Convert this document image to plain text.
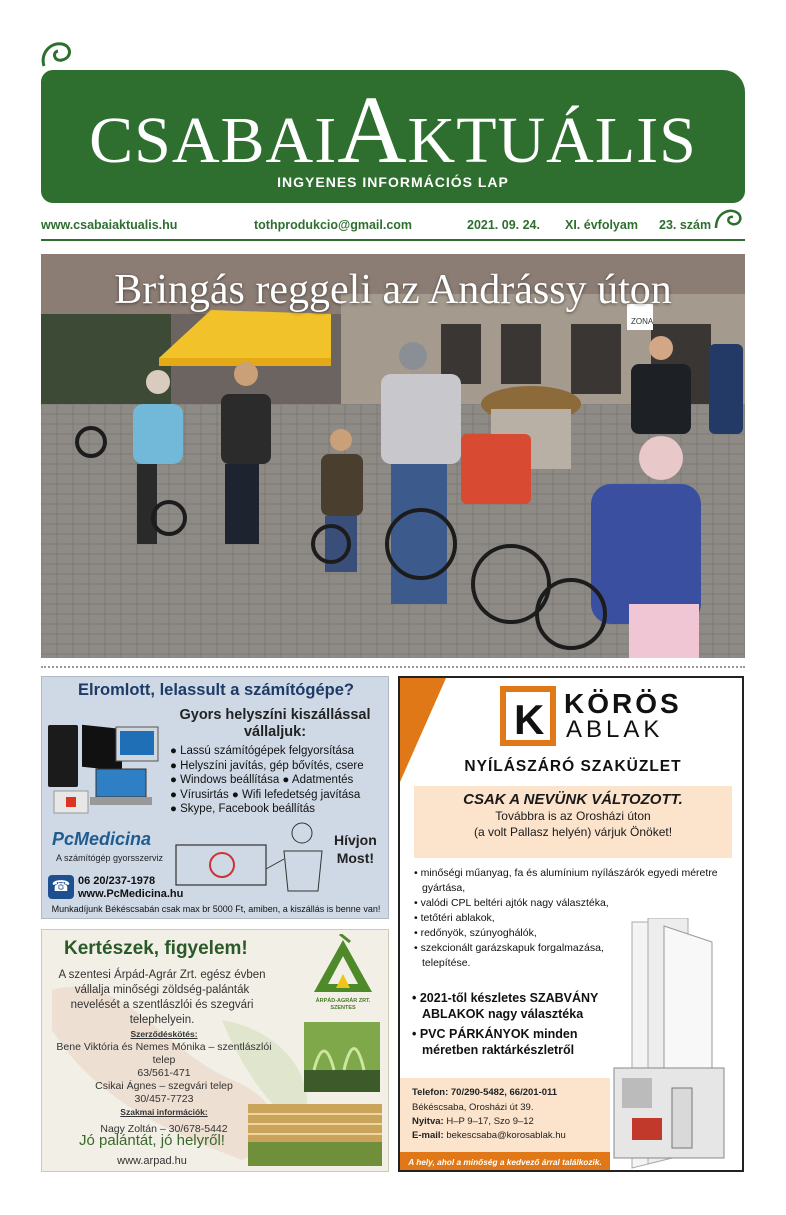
CSABAIAKTUÁLIS
INGYENES INFORMÁCIÓS LAP
www.csabaiaktualis.hu	tothprodukcio@gmail.com	2021. 09. 24. XI. évfolyam 23. szám
ZONA
Bringás reggeli az Andrássy úton
Elromlott, lelassult a számítógépe?
Gyors helyszíni kiszállással vállaljuk:
● Lassú számítógépek felgyorsítása
● Helyszíni javítás, gép bővítés, csere
● Windows beállítása ● Adatmentés
● Vírusirtás ● Wifi lefedetség javítása
● Skype, Facebook beállítás
PcMedicina
A számítógép gyorsszerviz
Hívjon
Most!
☎ 06 20/237-1978
www.PcMedicina.hu
Munkadíjunk Békéscsabán csak max br 5000 Ft, amiben, a kiszállás is benne van!
ÁRPÁD-AGRÁR ZRT. SZENTES
Kertészek, figyelem!
A szentesi Árpád-Agrár Zrt. egész évben vállalja minőségi zöldség-palánták nevelését a szentlászlói és szegvári telephelyein.
Szerződéskötés:
Bene Viktória és Nemes Mónika – szentlászlói telep
63/561-471
Csikai Ágnes – szegvári telep
30/457-7723
Szakmai információk:
Nagy Zoltán – 30/678-5442
Jó palántát, jó helyről!
www.arpad.hu
K KÖRÖS
ABLAK
NYÍLÁSZÁRÓ SZAKÜZLET
CSAK A NEVÜNK VÁLTOZOTT.
Továbbra is az Orosházi úton
(a volt Pallasz helyén) várjuk Önöket!
• minőségi műanyag, fa és alumínium nyílászárók egyedi méretre gyártása,
• valódi CPL beltéri ajtók nagy választéka,
• tetőtéri ablakok,
• redőnyök, szúnyoghálók,
• szekcionált garázskapuk forgalmazása, telepítése.
• 2021-től készletes SZABVÁNY ABLAKOK nagy választéka
• PVC PÁRKÁNYOK minden méretben raktárkészletről
Telefon: 70/290-5482, 66/201-011
Békéscsaba, Orosházi út 39.
Nyitva: H–P 9–17, Szo 9–12
E-mail: bekescsaba@korosablak.hu
A hely, ahol a minőség a kedvező árral találkozik.
